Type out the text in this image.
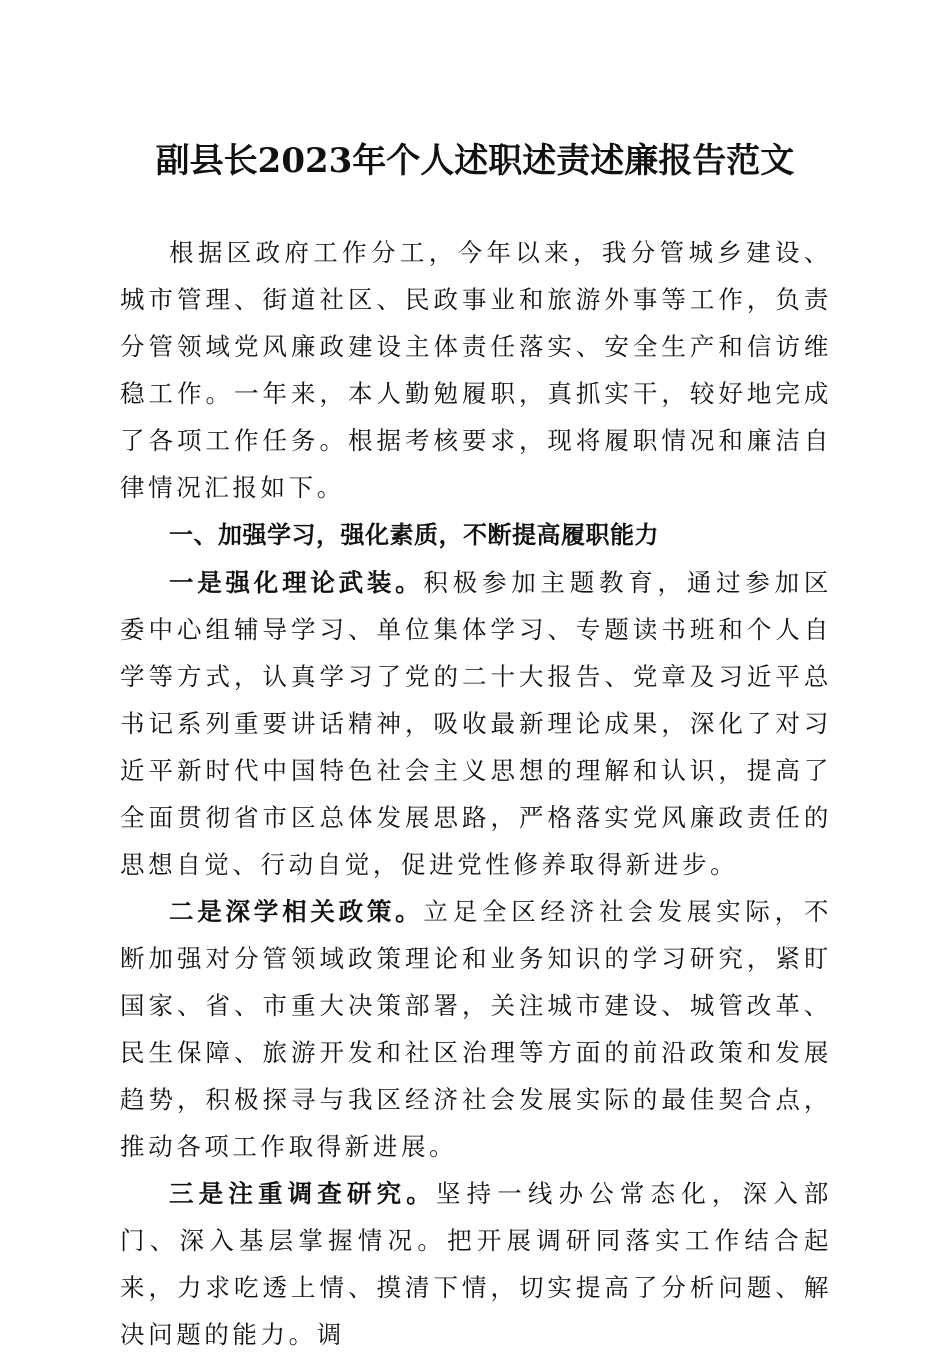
副县长2023年个人述职述责述廉报告范文

根据区政府工作分工，今年以来，我分管城乡建设、城市管理、街道社区、民政事业和旅游外事等工作，负责分管领域党风廉政建设主体责任落实、安全生产和信访维稳工作。一年来，本人勤勉履职，真抓实干，较好地完成了各项工作任务。根据考核要求，现将履职情况和廉洁自律情况汇报如下。

一、加强学习，强化素质，不断提高履职能力

一是强化理论武装。积极参加主题教育，通过参加区委中心组辅导学习、单位集体学习、专题读书班和个人自学等方式，认真学习了党的二十大报告、党章及习近平总书记系列重要讲话精神，吸收最新理论成果，深化了对习近平新时代中国特色社会主义思想的理解和认识，提高了全面贯彻省市区总体发展思路，严格落实党风廉政责任的思想自觉、行动自觉，促进党性修养取得新进步。

二是深学相关政策。立足全区经济社会发展实际，不断加强对分管领域政策理论和业务知识的学习研究，紧盯国家、省、市重大决策部署，关注城市建设、城管改革、民生保障、旅游开发和社区治理等方面的前沿政策和发展趋势，积极探寻与我区经济社会发展实际的最佳契合点，推动各项工作取得新进展。

三是注重调查研究。坚持一线办公常态化，深入部门、深入基层掌握情况。把开展调研同落实工作结合起来，力求吃透上情、摸清下情，切实提高了分析问题、解决问题的能力。调
